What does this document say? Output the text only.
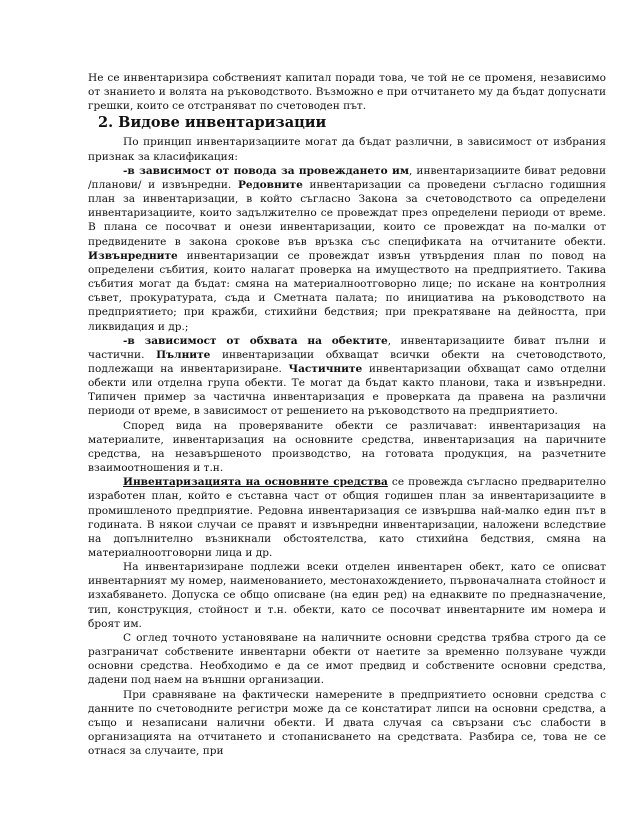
Не се инвентаризира собственият капитал поради това, че той не се променя, независимо от знанието и волята на ръководството. Възможно е при отчитането му да бъдат допуснати грешки, които се отстраняват по счетоводен път.

2. Видове инвентаризации

По принцип инвентаризациите могат да бъдат различни, в зависимост от избрания признак за класификация:

-в зависимост от повода за провеждането им, инвентаризациите биват редовни /планови/ и извънредни. Редовните инвентаризации са проведени съгласно годишния план за инвентаризации, в който съгласно Закона за счетоводството са определени инвентаризациите, които задължително се провеждат през определени периоди от време. В плана се посочват и онези инвентаризации, които се провеждат на по-малки от предвидените в закона срокове във връзка със спецификата на отчитаните обекти. Извънредните инвентаризации се провеждат извън утвърдения план по повод на определени събития, които налагат проверка на имуществото на предприятието. Такива събития могат да бъдат: смяна на материалноотговорно лице; по искане на контролния съвет, прокуратурата, съда и Сметната палата; по инициатива на ръководството на предприятието; при кражби, стихийни бедствия; при прекратяване на дейността, при ликвидация и др.;

-в зависимост от обхвата на обектите, инвентаризациите биват пълни и частични. Пълните инвентаризации обхващат всички обекти на счетоводството, подлежащи на инвентаризиране. Частичните инвентаризации обхващат само отделни обекти или отделна група обекти. Те могат да бъдат както планови, така и извънредни. Типичен пример за частична инвентаризация е проверката да правена на различни периоди от време, в зависимост от решението на ръководството на предприятието.

Според вида на проверяваните обекти се различават: инвентаризация на материалите, инвентаризация на основните средства, инвентаризация на паричните средства, на незавършеното производство, на готовата продукция, на разчетните взаимоотношения и т.н.

Инвентаризацията на основните средства се провежда съгласно предварително изработен план, който е съставна част от общия годишен план за инвентаризациите в промишленото предприятие. Редовна инвентаризация се извършва най-малко един път в годината. В някои случаи се правят и извънредни инвентаризации, наложени вследствие на допълнително възникнали обстоятелства, като стихийна бедствия, смяна на материалноотговорни лица и др.

На инвентаризиране подлежи всеки отделен инвентарен обект, като се описват инвентарният му номер, наименованието, местонахождението, първоначалната стойност и изхабяването. Допуска се общо описване (на един ред) на еднаквите по предназначение, тип, конструкция, стойност и т.н. обекти, като се посочват инвентарните им номера и броят им.

С оглед точното установяване на наличните основни средства трябва строго да се разграничат собствените инвентарни обекти от наетите за временно ползуване чужди основни средства. Необходимо е да се имот предвид и собствените основни средства, дадени под наем на външни организации.

При сравняване на фактически намерените в предприятието основни средства с данните по счетоводните регистри може да се констатират липси на основни средства, а също и незаписани налични обекти. И двата случая са свързани със слабости в организацията на отчитането и стопанисването на средствата. Разбира се, това не се отнася за случаите, при
